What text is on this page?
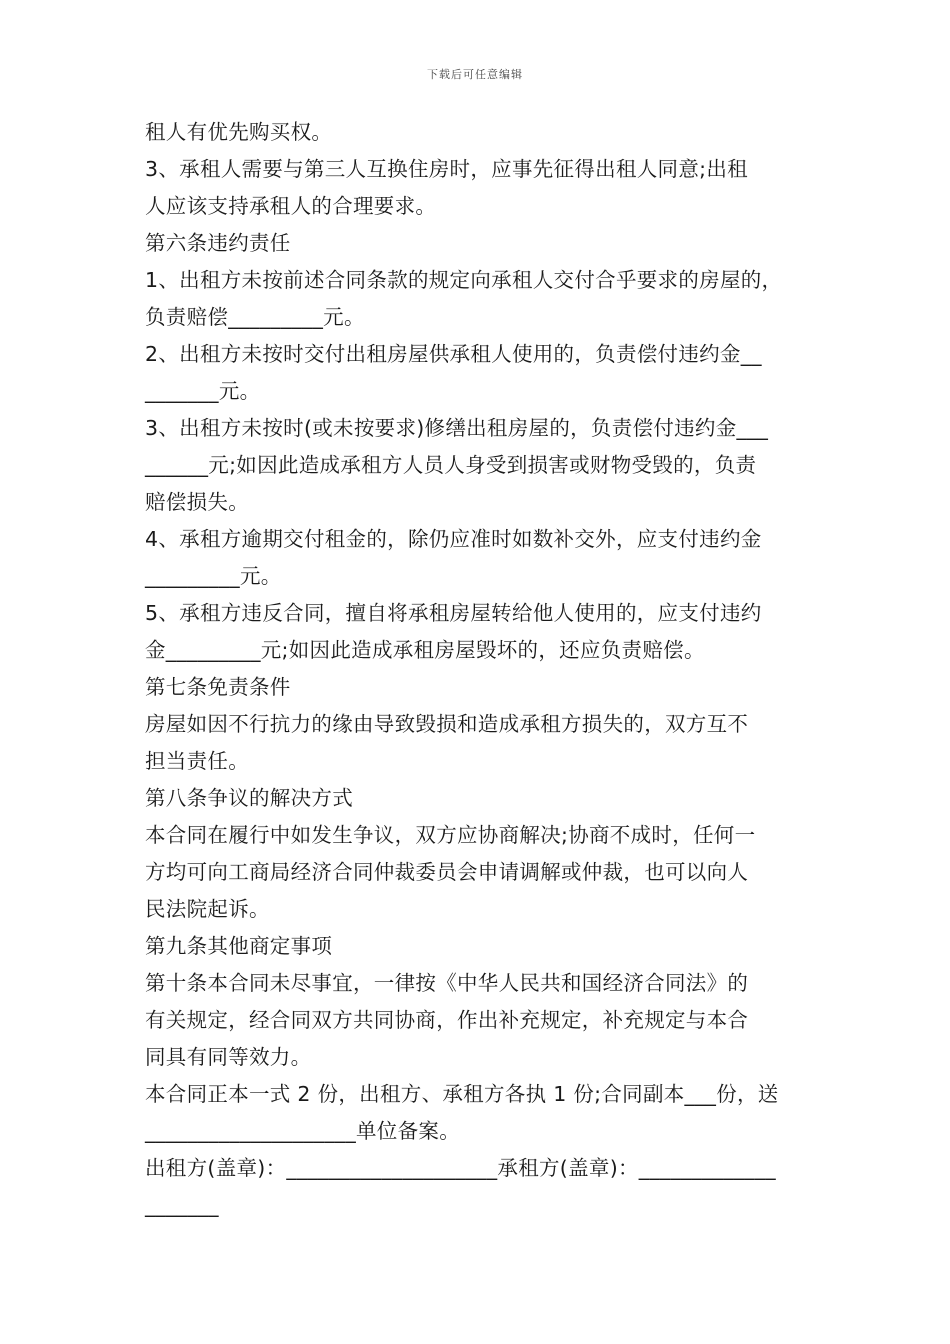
下载后可任意编辑
租人有优先购买权。
3、承租人需要与第三人互换住房时，应事先征得出租人同意;出租
人应该支持承租人的合理要求。
第六条违约责任
1、出租方未按前述合同条款的规定向承租人交付合乎要求的房屋的，
负责赔偿_________元。
2、出租方未按时交付出租房屋供承租人使用的，负责偿付违约金__
_______元。
3、出租方未按时(或未按要求)修缮出租房屋的，负责偿付违约金___
______元;如因此造成承租方人员人身受到损害或财物受毁的，负责
赔偿损失。
4、承租方逾期交付租金的，除仍应准时如数补交外，应支付违约金
_________元。
5、承租方违反合同，擅自将承租房屋转给他人使用的，应支付违约
金_________元;如因此造成承租房屋毁坏的，还应负责赔偿。
第七条免责条件
房屋如因不行抗力的缘由导致毁损和造成承租方损失的，双方互不
担当责任。
第八条争议的解决方式
本合同在履行中如发生争议，双方应协商解决;协商不成时，任何一
方均可向工商局经济合同仲裁委员会申请调解或仲裁，也可以向人
民法院起诉。
第九条其他商定事项
第十条本合同未尽事宜，一律按《中华人民共和国经济合同法》的
有关规定，经合同双方共同协商，作出补充规定，补充规定与本合
同具有同等效力。
本合同正本一式 2 份，出租方、承租方各执 1 份;合同副本___份，送
____________________单位备案。
出租方(盖章)：____________________承租方(盖章)：_____________
_______
